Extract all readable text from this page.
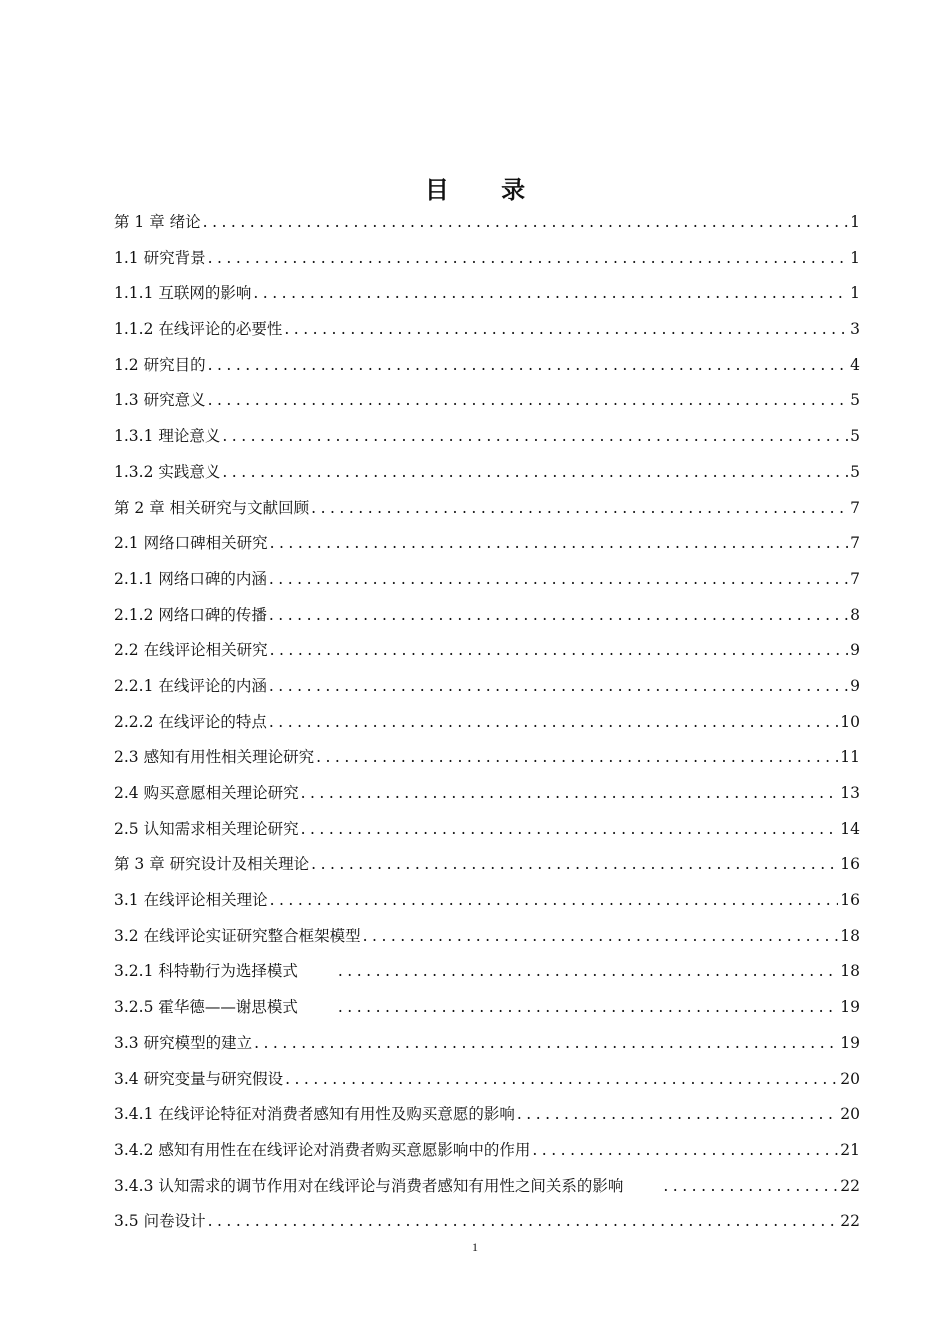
目 录
第 1 章 绪论 .....	1
1.1 研究背景 .....	1
1.1.1 互联网的影响 .....	1
1.1.2 在线评论的必要性 .....	3
1.2 研究目的 .....	4
1.3 研究意义 .....	5
1.3.1 理论意义 .....	5
1.3.2 实践意义 .....	5
第 2 章 相关研究与文献回顾 .....	7
2.1 网络口碑相关研究 .....	7
2.1.1 网络口碑的内涵 .....	7
2.1.2 网络口碑的传播 .....	8
2.2 在线评论相关研究 .....	9
2.2.1 在线评论的内涵 .....	9
2.2.2 在线评论的特点 .....	10
2.3 感知有用性相关理论研究 .....	11
2.4 购买意愿相关理论研究 .....	13
2.5 认知需求相关理论研究 .....	14
第 3 章 研究设计及相关理论 .....	16
3.1 在线评论相关理论 .....	16
3.2 在线评论实证研究整合框架模型 .....	18
3.2.1 科特勒行为选择模式 .....	18
3.2.5 霍华德——谢思模式 .....	19
3.3 研究模型的建立 .....	19
3.4 研究变量与研究假设 .....	20
3.4.1 在线评论特征对消费者感知有用性及购买意愿的影响 .....	20
3.4.2 感知有用性在在线评论对消费者购买意愿影响中的作用 .....	21
3.4.3 认知需求的调节作用对在线评论与消费者感知有用性之间关系的影响 .....	22
3.5 问卷设计 .....	22
1
